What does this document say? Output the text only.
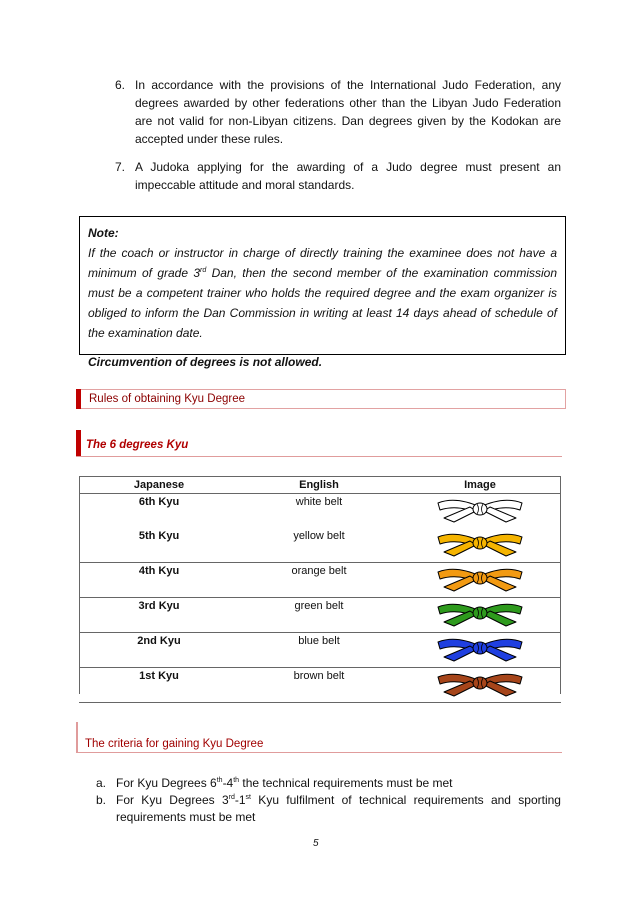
6. In accordance with the provisions of the International Judo Federation, any degrees awarded by other federations other than the Libyan Judo Federation are not valid for non-Libyan citizens. Dan degrees given by the Kodokan are accepted under these rules.
7. A Judoka applying for the awarding of a Judo degree must present an impeccable attitude and moral standards.
Note:
If the coach or instructor in charge of directly training the examinee does not have a minimum of grade 3rd Dan, then the second member of the examination commission must be a competent trainer who holds the required degree and the exam organizer is obliged to inform the Dan Commission in writing at least 14 days ahead of schedule of the examination date.
Circumvention of degrees is not allowed.
Rules of obtaining Kyu Degree
The 6 degrees Kyu
Japanese	English	Image

6th Kyu	white belt

5th Kyu	yellow belt

4th Kyu	orange belt

3rd Kyu	green belt

2nd Kyu	blue belt

1st Kyu	brown belt

The criteria for gaining Kyu Degree
a. For Kyu Degrees 6th-4th the technical requirements must be met
b. For Kyu Degrees 3rd-1st Kyu fulfilment of technical requirements and sporting requirements must be met
5
